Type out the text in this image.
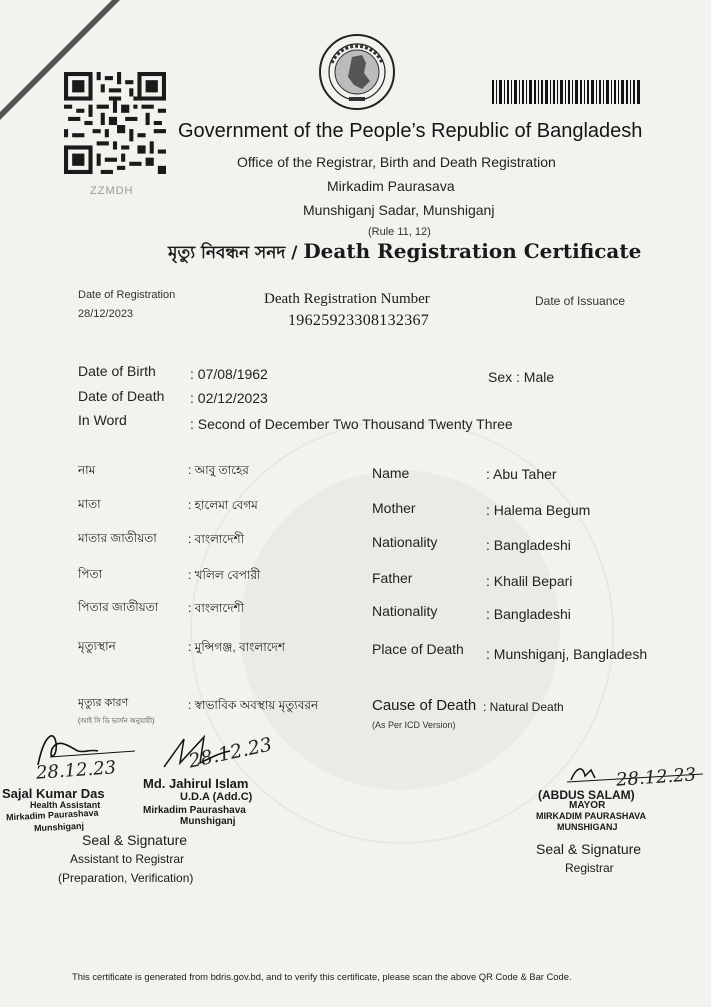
ZZMDH
Government of the People’s Republic of Bangladesh
Office of the Registrar, Birth and Death Registration
Mirkadim Paurasava
Munshiganj Sadar, Munshiganj
(Rule 11, 12)
মৃত্যু নিবন্ধন সনদ / Death Registration Certificate
Date of Registration
28/12/2023
Death Registration Number
19625923308132367
Date of Issuance
Date of Birth : 07/08/1962	Sex : Male
Date of Death : 02/12/2023
In Word	: Second of December Two Thousand Twenty Three
নাম	: আবু তাহের	Name	: Abu Taher
মাতা	: হালেমা বেগম	Mother	: Halema Begum
মাতার জাতীয়তা	: বাংলাদেশী	Nationality	: Bangladeshi
পিতা	: খলিল বেপারী	Father	: Khalil Bepari
পিতার জাতীয়তা : বাংলাদেশী	Nationality	: Bangladeshi
মৃত্যুস্থান	: মুন্সিগঞ্জ, বাংলাদেশ	Place of Death : Munshiganj, Bangladesh
মৃত্যুর কারণ
(আই সি ডি ভার্সন অনুযায়ী)
: স্বাভাবিক অবস্থায় মৃত্যুবরন	Cause of Death
(As Per ICD Version)
: Natural Death
28.12.23
Sajal Kumar Das
Health Assistant
Mirkadim Paurashava
Munshiganj
28.12.23
Md. Jahirul Islam
U.D.A (Add.C)
Mirkadim Paurashava
Munshiganj
Seal & Signature
Assistant to Registrar
(Preparation, Verification)
28.12.23
(ABDUS SALAM)
MAYOR
MIRKADIM PAURASHAVA
MUNSHIGANJ
Seal & Signature
Registrar
This certificate is generated from bdris.gov.bd, and to verify this certificate, please scan the above QR Code & Bar Code.
